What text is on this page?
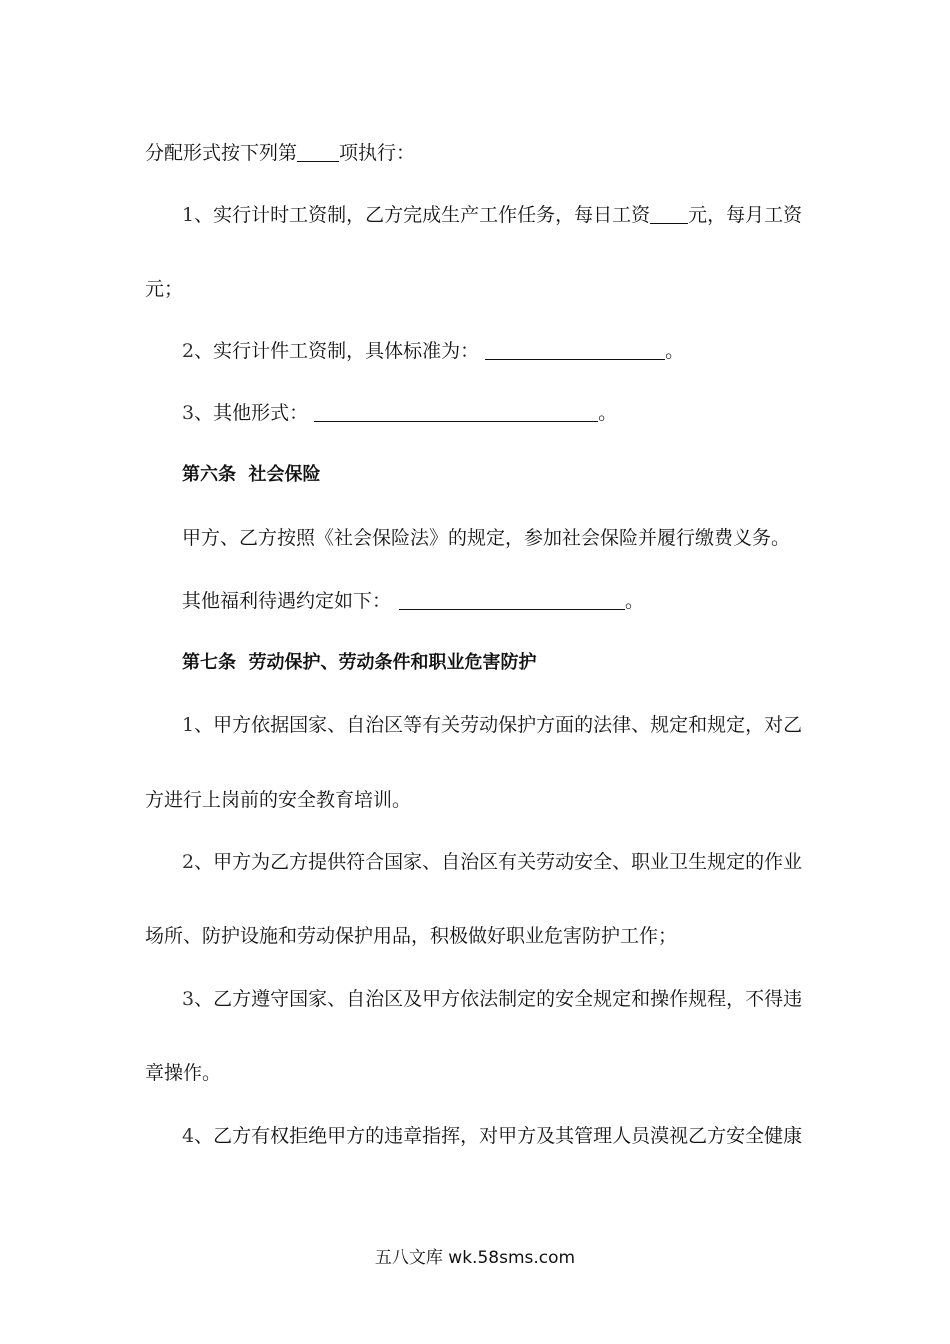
分配形式按下列第 项执行：
1、实行计时工资制，乙方完成生产工作任务，每日工资 元，每月工资
元；
2、实行计件工资制，具体标准为：	。
3、其他形式：	。
第六条  社会保险
甲方、乙方按照《社会保险法》的规定，参加社会保险并履行缴费义务。
其他福利待遇约定如下：	。
第七条  劳动保护、劳动条件和职业危害防护
1、甲方依据国家、自治区等有关劳动保护方面的法律、规定和规定，对乙
方进行上岗前的安全教育培训。
2、甲方为乙方提供符合国家、自治区有关劳动安全、职业卫生规定的作业
场所、防护设施和劳动保护用品，积极做好职业危害防护工作；
3、乙方遵守国家、自治区及甲方依法制定的安全规定和操作规程，不得违
章操作。
4、乙方有权拒绝甲方的违章指挥，对甲方及其管理人员漠视乙方安全健康
五八文库 wk.58sms.com
